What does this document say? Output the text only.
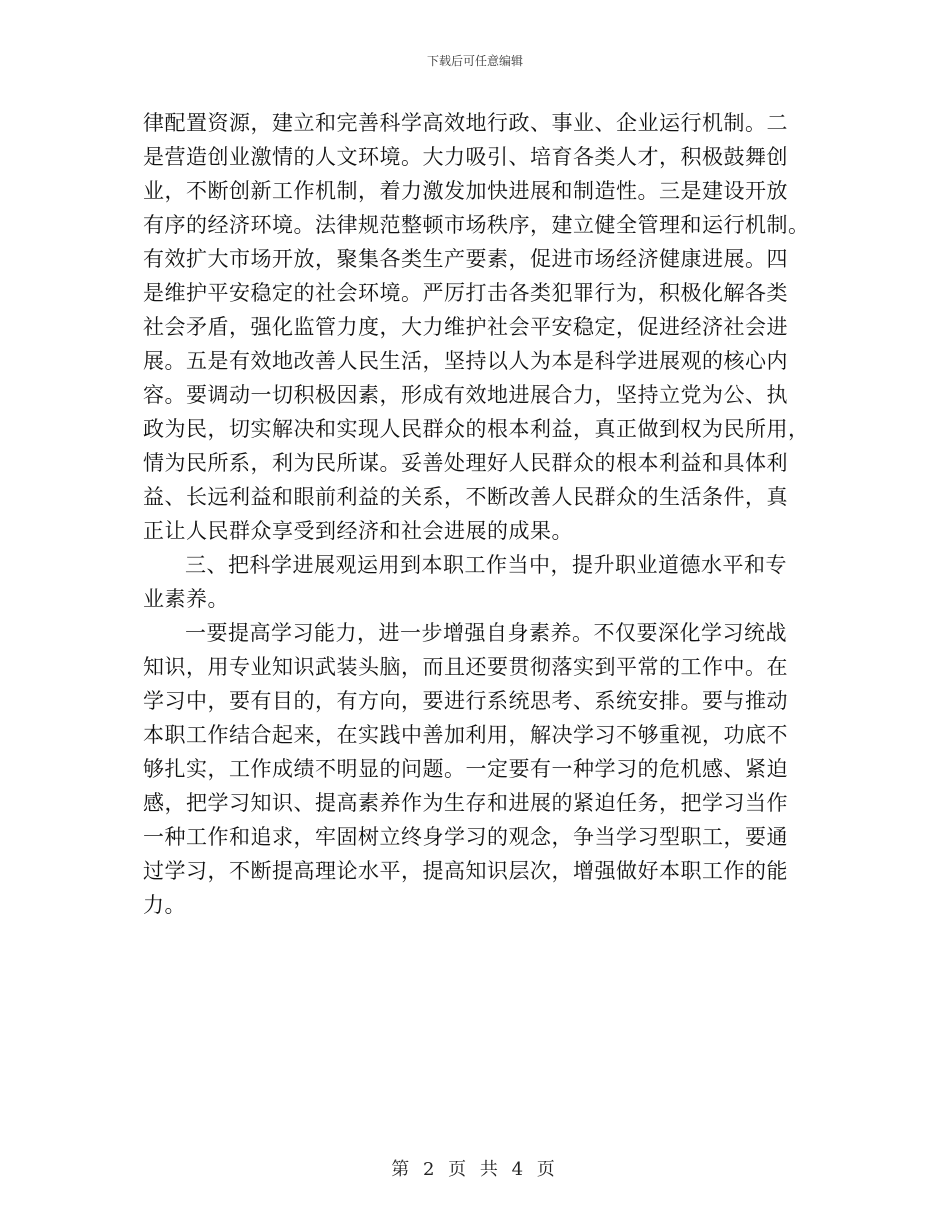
下载后可任意编辑
律配置资源，建立和完善科学高效地行政、事业、企业运行机制。二
是营造创业激情的人文环境。大力吸引、培育各类人才，积极鼓舞创
业，不断创新工作机制，着力激发加快进展和制造性。三是建设开放
有序的经济环境。法律规范整顿市场秩序，建立健全管理和运行机制。
有效扩大市场开放，聚集各类生产要素，促进市场经济健康进展。四
是维护平安稳定的社会环境。严厉打击各类犯罪行为，积极化解各类
社会矛盾，强化监管力度，大力维护社会平安稳定，促进经济社会进
展。五是有效地改善人民生活，坚持以人为本是科学进展观的核心内
容。要调动一切积极因素，形成有效地进展合力，坚持立党为公、执
政为民，切实解决和实现人民群众的根本利益，真正做到权为民所用，
情为民所系，利为民所谋。妥善处理好人民群众的根本利益和具体利
益、长远利益和眼前利益的关系，不断改善人民群众的生活条件，真
正让人民群众享受到经济和社会进展的成果。
三、把科学进展观运用到本职工作当中，提升职业道德水平和专
业素养。
一要提高学习能力，进一步增强自身素养。不仅要深化学习统战
知识，用专业知识武装头脑，而且还要贯彻落实到平常的工作中。在
学习中，要有目的，有方向，要进行系统思考、系统安排。要与推动
本职工作结合起来，在实践中善加利用，解决学习不够重视，功底不
够扎实，工作成绩不明显的问题。一定要有一种学习的危机感、紧迫
感，把学习知识、提高素养作为生存和进展的紧迫任务，把学习当作
一种工作和追求，牢固树立终身学习的观念，争当学习型职工，要通
过学习，不断提高理论水平，提高知识层次，增强做好本职工作的能
力。
第 2 页 共 4 页
